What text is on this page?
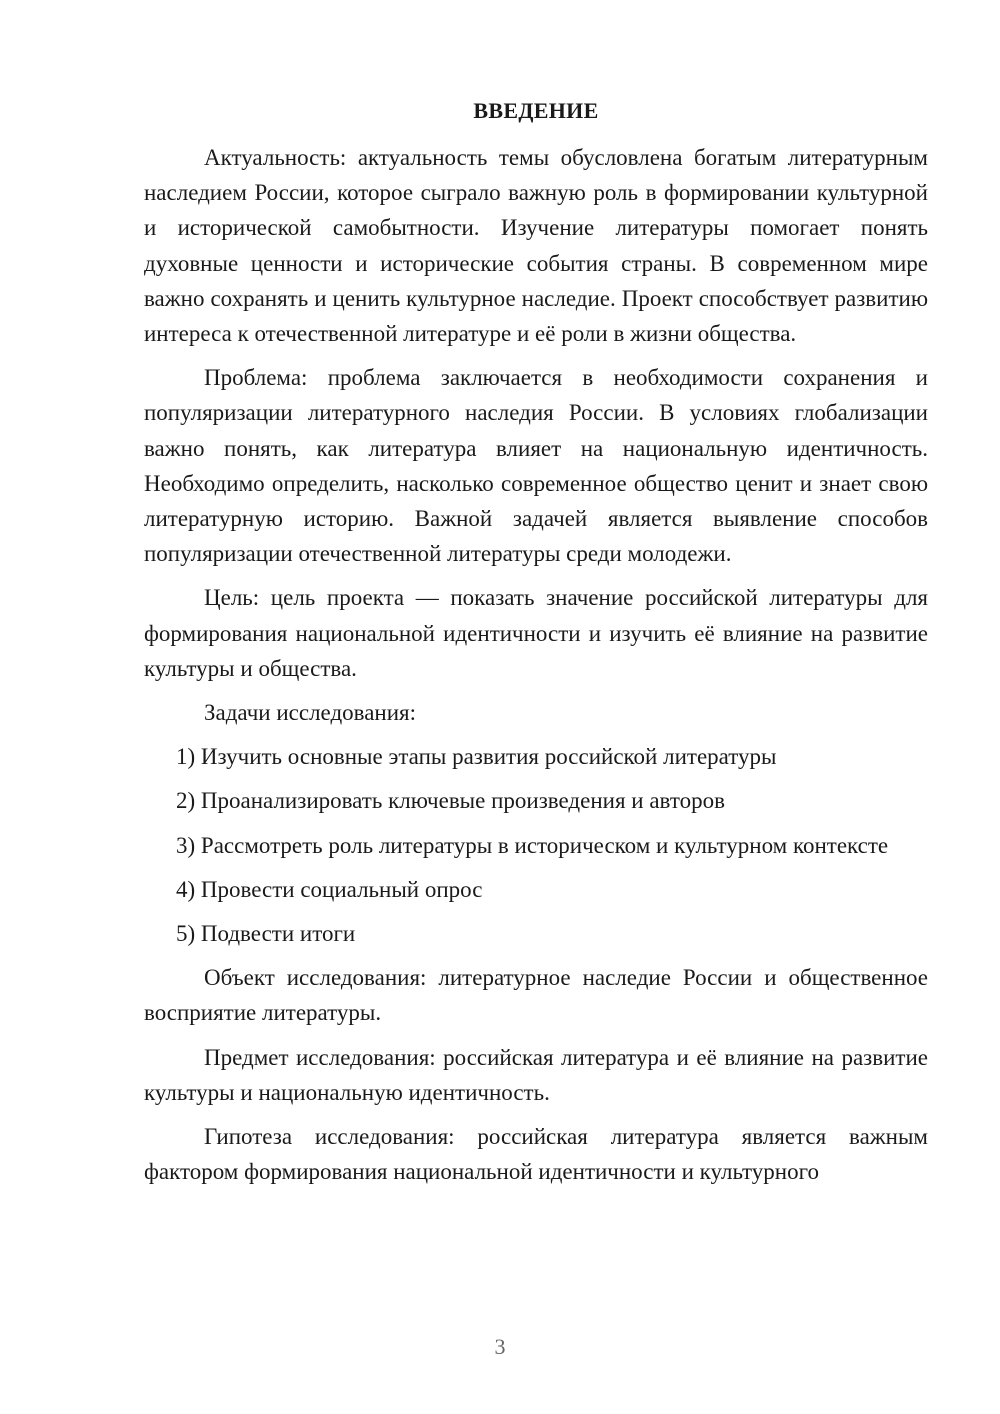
ВВЕДЕНИЕ

Актуальность: актуальность темы обусловлена богатым литературным наследием России, которое сыграло важную роль в формировании культурной и исторической самобытности. Изучение литературы помогает понять духовные ценности и исторические события страны. В современном мире важно сохранять и ценить культурное наследие. Проект способствует развитию интереса к отечественной литературе и её роли в жизни общества.

Проблема: проблема заключается в необходимости сохранения и популяризации литературного наследия России. В условиях глобализации важно понять, как литература влияет на национальную идентичность. Необходимо определить, насколько современное общество ценит и знает свою литературную историю. Важной задачей является выявление способов популяризации отечественной литературы среди молодежи.

Цель: цель проекта — показать значение российской литературы для формирования национальной идентичности и изучить её влияние на развитие культуры и общества.

Задачи исследования:

1) Изучить основные этапы развития российской литературы

2) Проанализировать ключевые произведения и авторов

3) Рассмотреть роль литературы в историческом и культурном контексте

4) Провести социальный опрос

5) Подвести итоги

Объект исследования: литературное наследие России и общественное восприятие литературы.

Предмет исследования: российская литература и её влияние на развитие культуры и национальную идентичность.

Гипотеза исследования: российская литература является важным фактором формирования национальной идентичности и культурного

3
